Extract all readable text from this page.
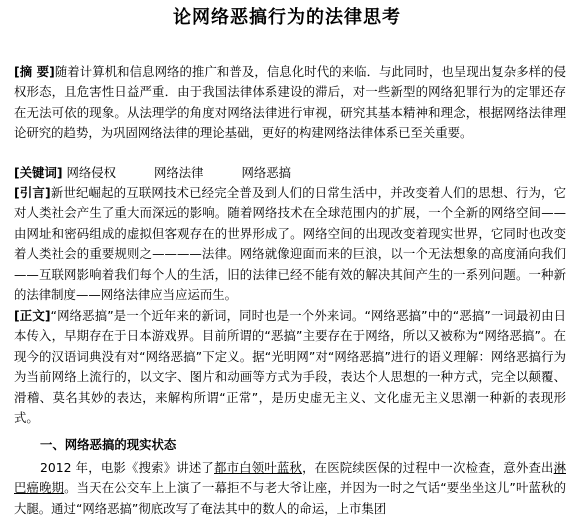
论网络恶搞行为的法律思考
[摘 要]随着计算机和信息网络的推广和普及，信息化时代的来临．与此同时，也呈现出复杂多样的侵权形态，且危害性日益严重．由于我国法律体系建设的滞后，对一些新型的网络犯罪行为的定罪还存在无法可依的现象。从法理学的角度对网络法律进行审视，研究其基本精神和理念，根据网络法律理论研究的趋势，为巩固网络法律的理论基础，更好的构建网络法律体系已至关重要。
[关键词] 网络侵权	网络法律	网络恶搞
[引言]新世纪崛起的互联网技术已经完全普及到人们的日常生活中，并改变着人们的思想、行为，它对人类社会产生了重大而深远的影响。随着网络技术在全球范围内的扩展，一个全新的网络空间——由网址和密码组成的虚拟但客观存在的世界形成了。网络空间的出现改变着现实世界，它同时也改变着人类社会的重要规则之————法律。网络就像迎面而来的巨浪，以一个无法想象的高度涌向我们——互联网影响着我们每个人的生活，旧的法律已经不能有效的解决其间产生的一系列问题。一种新的法律制度——网络法律应当应运而生。
[正文]“网络恶搞”是一个近年来的新词，同时也是一个外来词。“网络恶搞”中的“恶搞”一词最初由日本传入，早期存在于日本游戏界。目前所谓的“恶搞”主要存在于网络，所以又被称为“网络恶搞”。在现今的汉语词典没有对“网络恶搞”下定义。据“光明网”对“网络恶搞”进行的语义理解：网络恶搞行为为当前网络上流行的，以文字、图片和动画等方式为手段，表达个人思想的一种方式，完全以颠覆、滑稽、莫名其妙的表达，来解构所谓“正常”，是历史虚无主义、文化虚无主义思潮一种新的表现形式。
一、网络恶搞的现实状态
2012 年，电影《搜索》讲述了都市白领叶蓝秋，在医院续医保的过程中一次检查，意外查出淋巴癌晚期。当天在公交车上上演了一幕拒不与老大爷让座，并因为一时之气话“要坐坐这儿”叶蓝秋的大腿。通过“网络恶搞”彻底改写了奄法其中的数人的命运，上市集团
